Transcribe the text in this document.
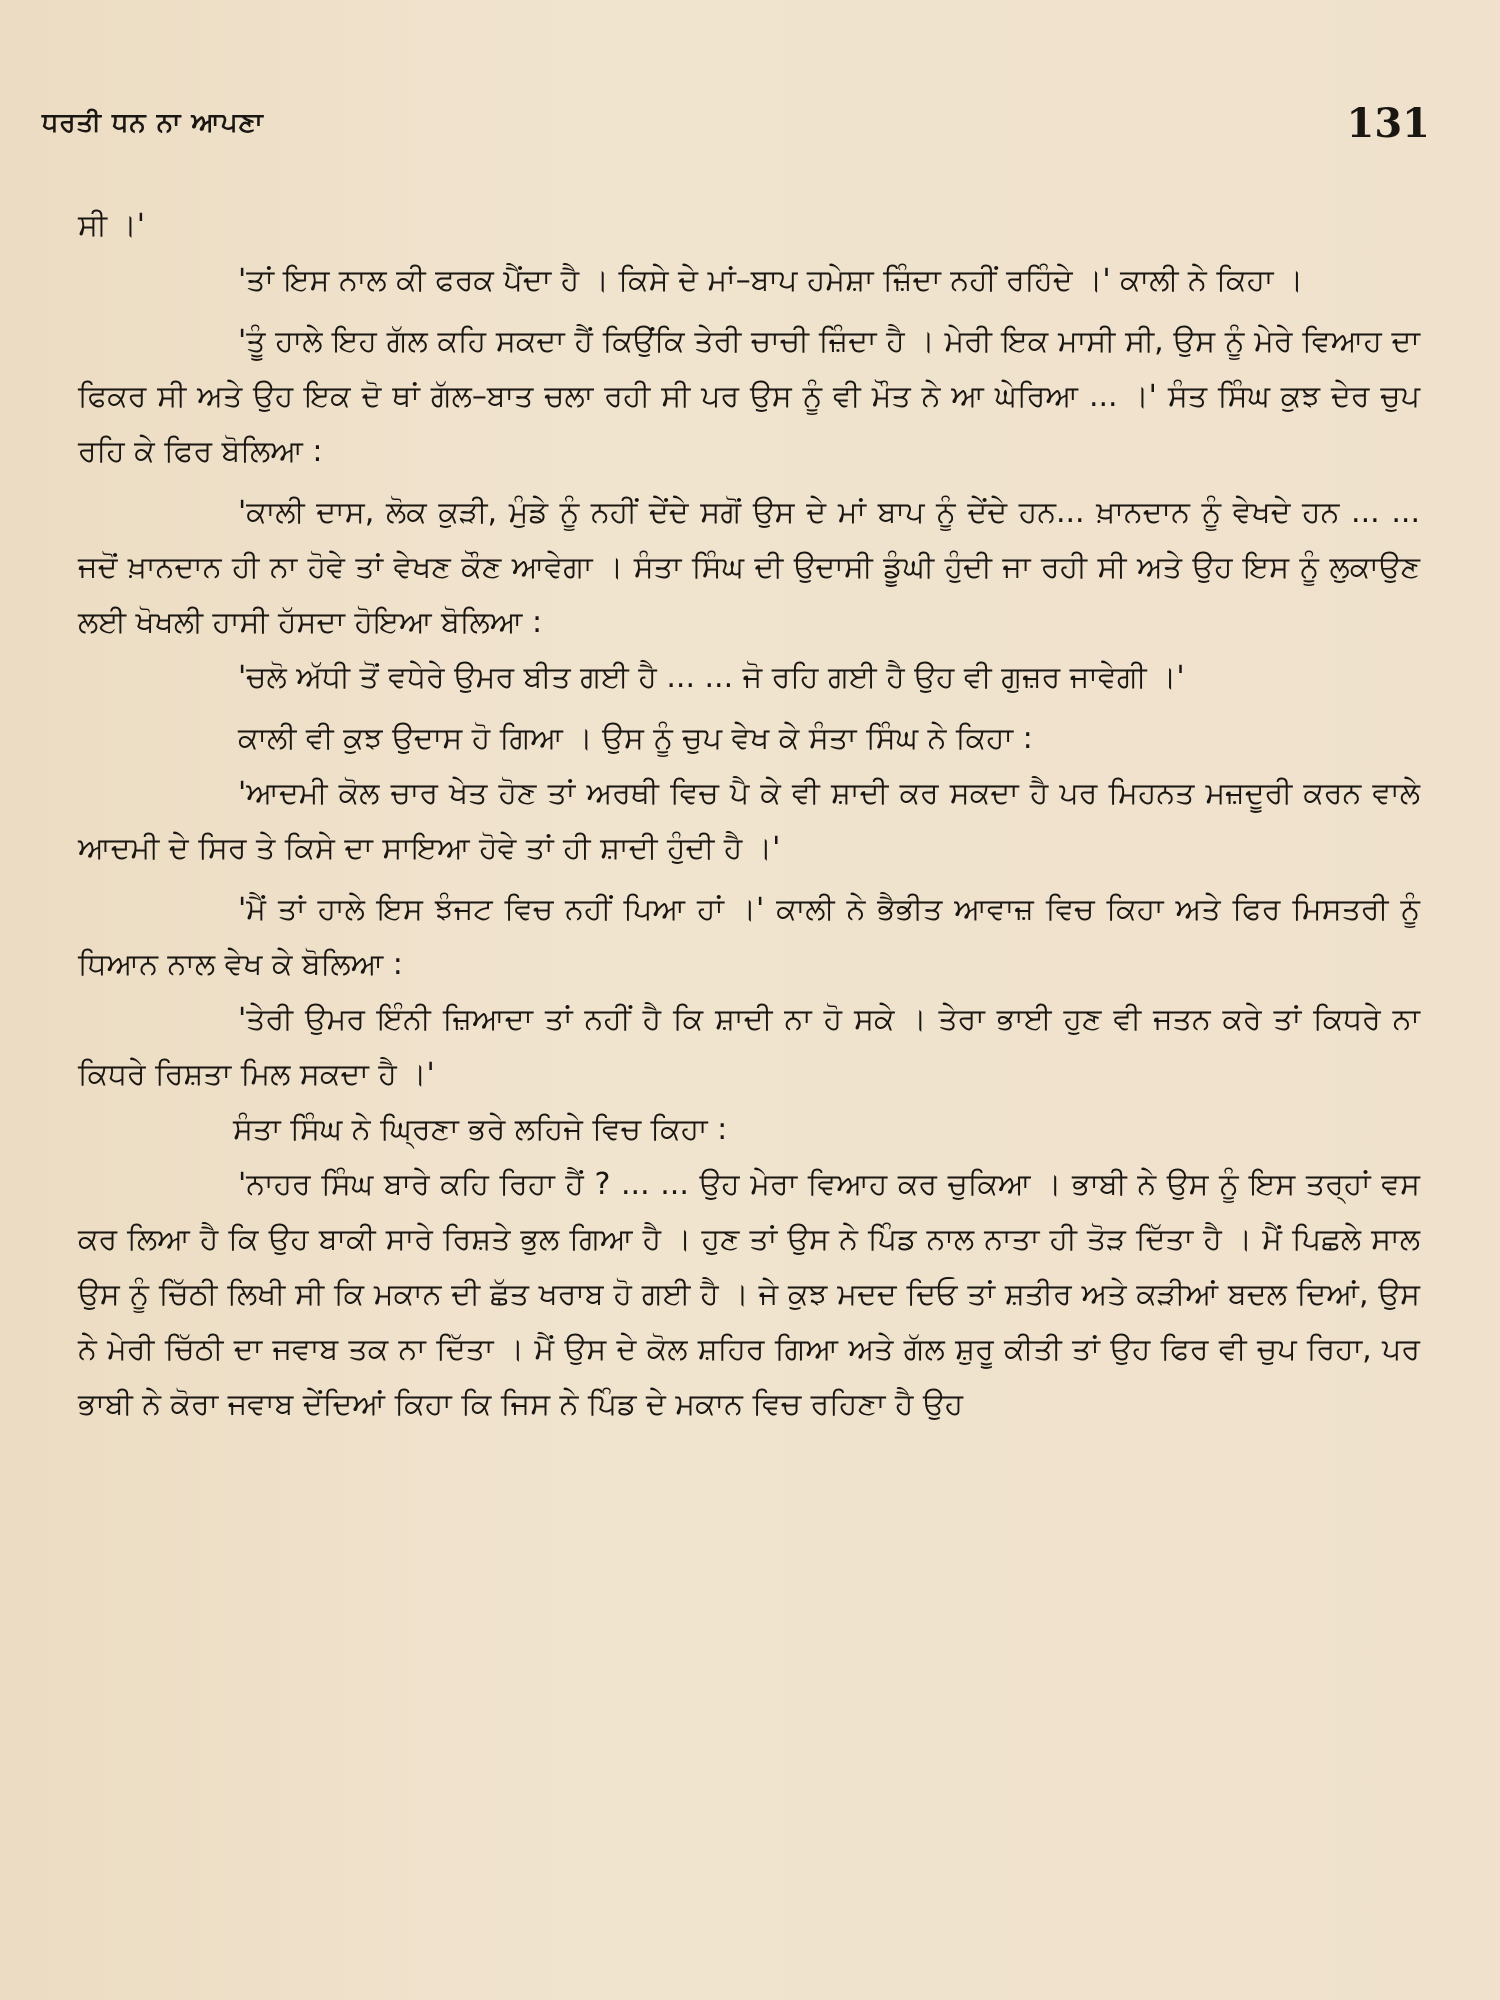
ਧਰਤੀ ਧਨ ਨਾ ਆਪਣਾ	131

ਸੀ ।'

'ਤਾਂ ਇਸ ਨਾਲ ਕੀ ਫਰਕ ਪੈਂਦਾ ਹੈ । ਕਿਸੇ ਦੇ ਮਾਂ–ਬਾਪ ਹਮੇਸ਼ਾ ਜ਼ਿੰਦਾ ਨਹੀਂ ਰਹਿੰਦੇ ।' ਕਾਲੀ ਨੇ ਕਿਹਾ ।

'ਤੂੰ ਹਾਲੇ ਇਹ ਗੱਲ ਕਹਿ ਸਕਦਾ ਹੈਂ ਕਿਉਂਕਿ ਤੇਰੀ ਚਾਚੀ ਜ਼ਿੰਦਾ ਹੈ । ਮੇਰੀ ਇਕ ਮਾਸੀ ਸੀ, ਉਸ ਨੂੰ ਮੇਰੇ ਵਿਆਹ ਦਾ ਫਿਕਰ ਸੀ ਅਤੇ ਉਹ ਇਕ ਦੋ ਥਾਂ ਗੱਲ–ਬਾਤ ਚਲਾ ਰਹੀ ਸੀ ਪਰ ਉਸ ਨੂੰ ਵੀ ਮੌਤ ਨੇ ਆ ਘੇਰਿਆ ... ।' ਸੰਤ ਸਿੰਘ ਕੁਝ ਦੇਰ ਚੁਪ ਰਹਿ ਕੇ ਫਿਰ ਬੋਲਿਆ :

'ਕਾਲੀ ਦਾਸ, ਲੋਕ ਕੁੜੀ, ਮੁੰਡੇ ਨੂੰ ਨਹੀਂ ਦੇਂਦੇ ਸਗੋਂ ਉਸ ਦੇ ਮਾਂ ਬਾਪ ਨੂੰ ਦੇਂਦੇ ਹਨ... ਖ਼ਾਨਦਾਨ ਨੂੰ ਵੇਖਦੇ ਹਨ ... ... ਜਦੋਂ ਖ਼ਾਨਦਾਨ ਹੀ ਨਾ ਹੋਵੇ ਤਾਂ ਵੇਖਣ ਕੌਣ ਆਵੇਗਾ । ਸੰਤਾ ਸਿੰਘ ਦੀ ਉਦਾਸੀ ਡੂੰਘੀ ਹੁੰਦੀ ਜਾ ਰਹੀ ਸੀ ਅਤੇ ਉਹ ਇਸ ਨੂੰ ਲੁਕਾਉਣ ਲਈ ਖੋਖਲੀ ਹਾਸੀ ਹੱਸਦਾ ਹੋਇਆ ਬੋਲਿਆ :

'ਚਲੋ ਅੱਧੀ ਤੋਂ ਵਧੇਰੇ ਉਮਰ ਬੀਤ ਗਈ ਹੈ ... ... ਜੋ ਰਹਿ ਗਈ ਹੈ ਉਹ ਵੀ ਗੁਜ਼ਰ ਜਾਵੇਗੀ ।'

ਕਾਲੀ ਵੀ ਕੁਝ ਉਦਾਸ ਹੋ ਗਿਆ । ਉਸ ਨੂੰ ਚੁਪ ਵੇਖ ਕੇ ਸੰਤਾ ਸਿੰਘ ਨੇ ਕਿਹਾ :

'ਆਦਮੀ ਕੋਲ ਚਾਰ ਖੇਤ ਹੋਣ ਤਾਂ ਅਰਥੀ ਵਿਚ ਪੈ ਕੇ ਵੀ ਸ਼ਾਦੀ ਕਰ ਸਕਦਾ ਹੈ ਪਰ ਮਿਹਨਤ ਮਜ਼ਦੂਰੀ ਕਰਨ ਵਾਲੇ ਆਦਮੀ ਦੇ ਸਿਰ ਤੇ ਕਿਸੇ ਦਾ ਸਾਇਆ ਹੋਵੇ ਤਾਂ ਹੀ ਸ਼ਾਦੀ ਹੁੰਦੀ ਹੈ ।'

'ਮੈਂ ਤਾਂ ਹਾਲੇ ਇਸ ਝੰਜਟ ਵਿਚ ਨਹੀਂ ਪਿਆ ਹਾਂ ।' ਕਾਲੀ ਨੇ ਭੈਭੀਤ ਆਵਾਜ਼ ਵਿਚ ਕਿਹਾ ਅਤੇ ਫਿਰ ਮਿਸਤਰੀ ਨੂੰ ਧਿਆਨ ਨਾਲ ਵੇਖ ਕੇ ਬੋਲਿਆ :

'ਤੇਰੀ ਉਮਰ ਇੰਨੀ ਜ਼ਿਆਦਾ ਤਾਂ ਨਹੀਂ ਹੈ ਕਿ ਸ਼ਾਦੀ ਨਾ ਹੋ ਸਕੇ । ਤੇਰਾ ਭਾਈ ਹੁਣ ਵੀ ਜਤਨ ਕਰੇ ਤਾਂ ਕਿਧਰੇ ਨਾ ਕਿਧਰੇ ਰਿਸ਼ਤਾ ਮਿਲ ਸਕਦਾ ਹੈ ।'

ਸੰਤਾ ਸਿੰਘ ਨੇ ਘ੍ਰਿਣਾ ਭਰੇ ਲਹਿਜੇ ਵਿਚ ਕਿਹਾ :

'ਨਾਹਰ ਸਿੰਘ ਬਾਰੇ ਕਹਿ ਰਿਹਾ ਹੈਂ ? ... ... ਉਹ ਮੇਰਾ ਵਿਆਹ ਕਰ ਚੁਕਿਆ । ਭਾਬੀ ਨੇ ਉਸ ਨੂੰ ਇਸ ਤਰ੍ਹਾਂ ਵਸ ਕਰ ਲਿਆ ਹੈ ਕਿ ਉਹ ਬਾਕੀ ਸਾਰੇ ਰਿਸ਼ਤੇ ਭੁਲ ਗਿਆ ਹੈ । ਹੁਣ ਤਾਂ ਉਸ ਨੇ ਪਿੰਡ ਨਾਲ ਨਾਤਾ ਹੀ ਤੋੜ ਦਿੱਤਾ ਹੈ । ਮੈਂ ਪਿਛਲੇ ਸਾਲ ਉਸ ਨੂੰ ਚਿੱਠੀ ਲਿਖੀ ਸੀ ਕਿ ਮਕਾਨ ਦੀ ਛੱਤ ਖਰਾਬ ਹੋ ਗਈ ਹੈ । ਜੇ ਕੁਝ ਮਦਦ ਦਿਓ ਤਾਂ ਸ਼ਤੀਰ ਅਤੇ ਕੜੀਆਂ ਬਦਲ ਦਿਆਂ, ਉਸ ਨੇ ਮੇਰੀ ਚਿੱਠੀ ਦਾ ਜਵਾਬ ਤਕ ਨਾ ਦਿੱਤਾ । ਮੈਂ ਉਸ ਦੇ ਕੋਲ ਸ਼ਹਿਰ ਗਿਆ ਅਤੇ ਗੱਲ ਸ਼ੁਰੂ ਕੀਤੀ ਤਾਂ ਉਹ ਫਿਰ ਵੀ ਚੁਪ ਰਿਹਾ, ਪਰ ਭਾਬੀ ਨੇ ਕੋਰਾ ਜਵਾਬ ਦੇਂਦਿਆਂ ਕਿਹਾ ਕਿ ਜਿਸ ਨੇ ਪਿੰਡ ਦੇ ਮਕਾਨ ਵਿਚ ਰਹਿਣਾ ਹੈ ਉਹ
